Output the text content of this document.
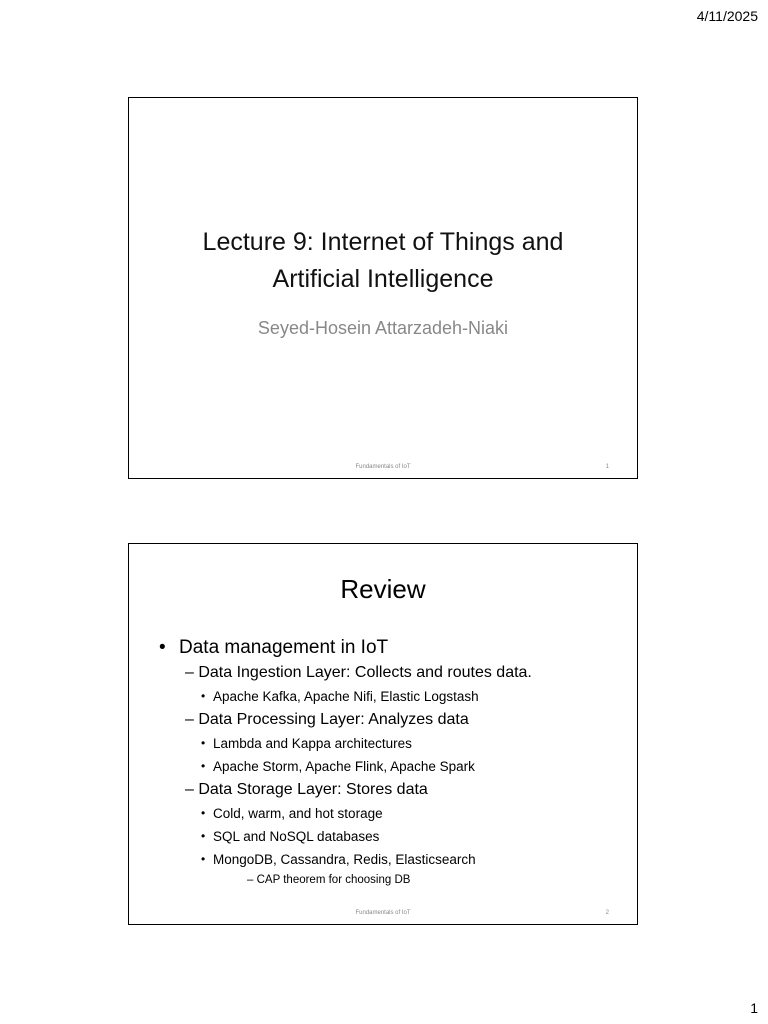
4/11/2025
Lecture 9: Internet of Things and
Artificial Intelligence
Seyed-Hosein Attarzadeh-Niaki
Fundamentals of IoT	1
Review
• Data management in IoT
– Data Ingestion Layer: Collects and routes data.
• Apache Kafka, Apache Nifi, Elastic Logstash
– Data Processing Layer: Analyzes data
• Lambda and Kappa architectures
• Apache Storm, Apache Flink, Apache Spark
– Data Storage Layer: Stores data
• Cold, warm, and hot storage
• SQL and NoSQL databases
• MongoDB, Cassandra, Redis, Elasticsearch
– CAP theorem for choosing DB
Fundamentals of IoT	2
1
